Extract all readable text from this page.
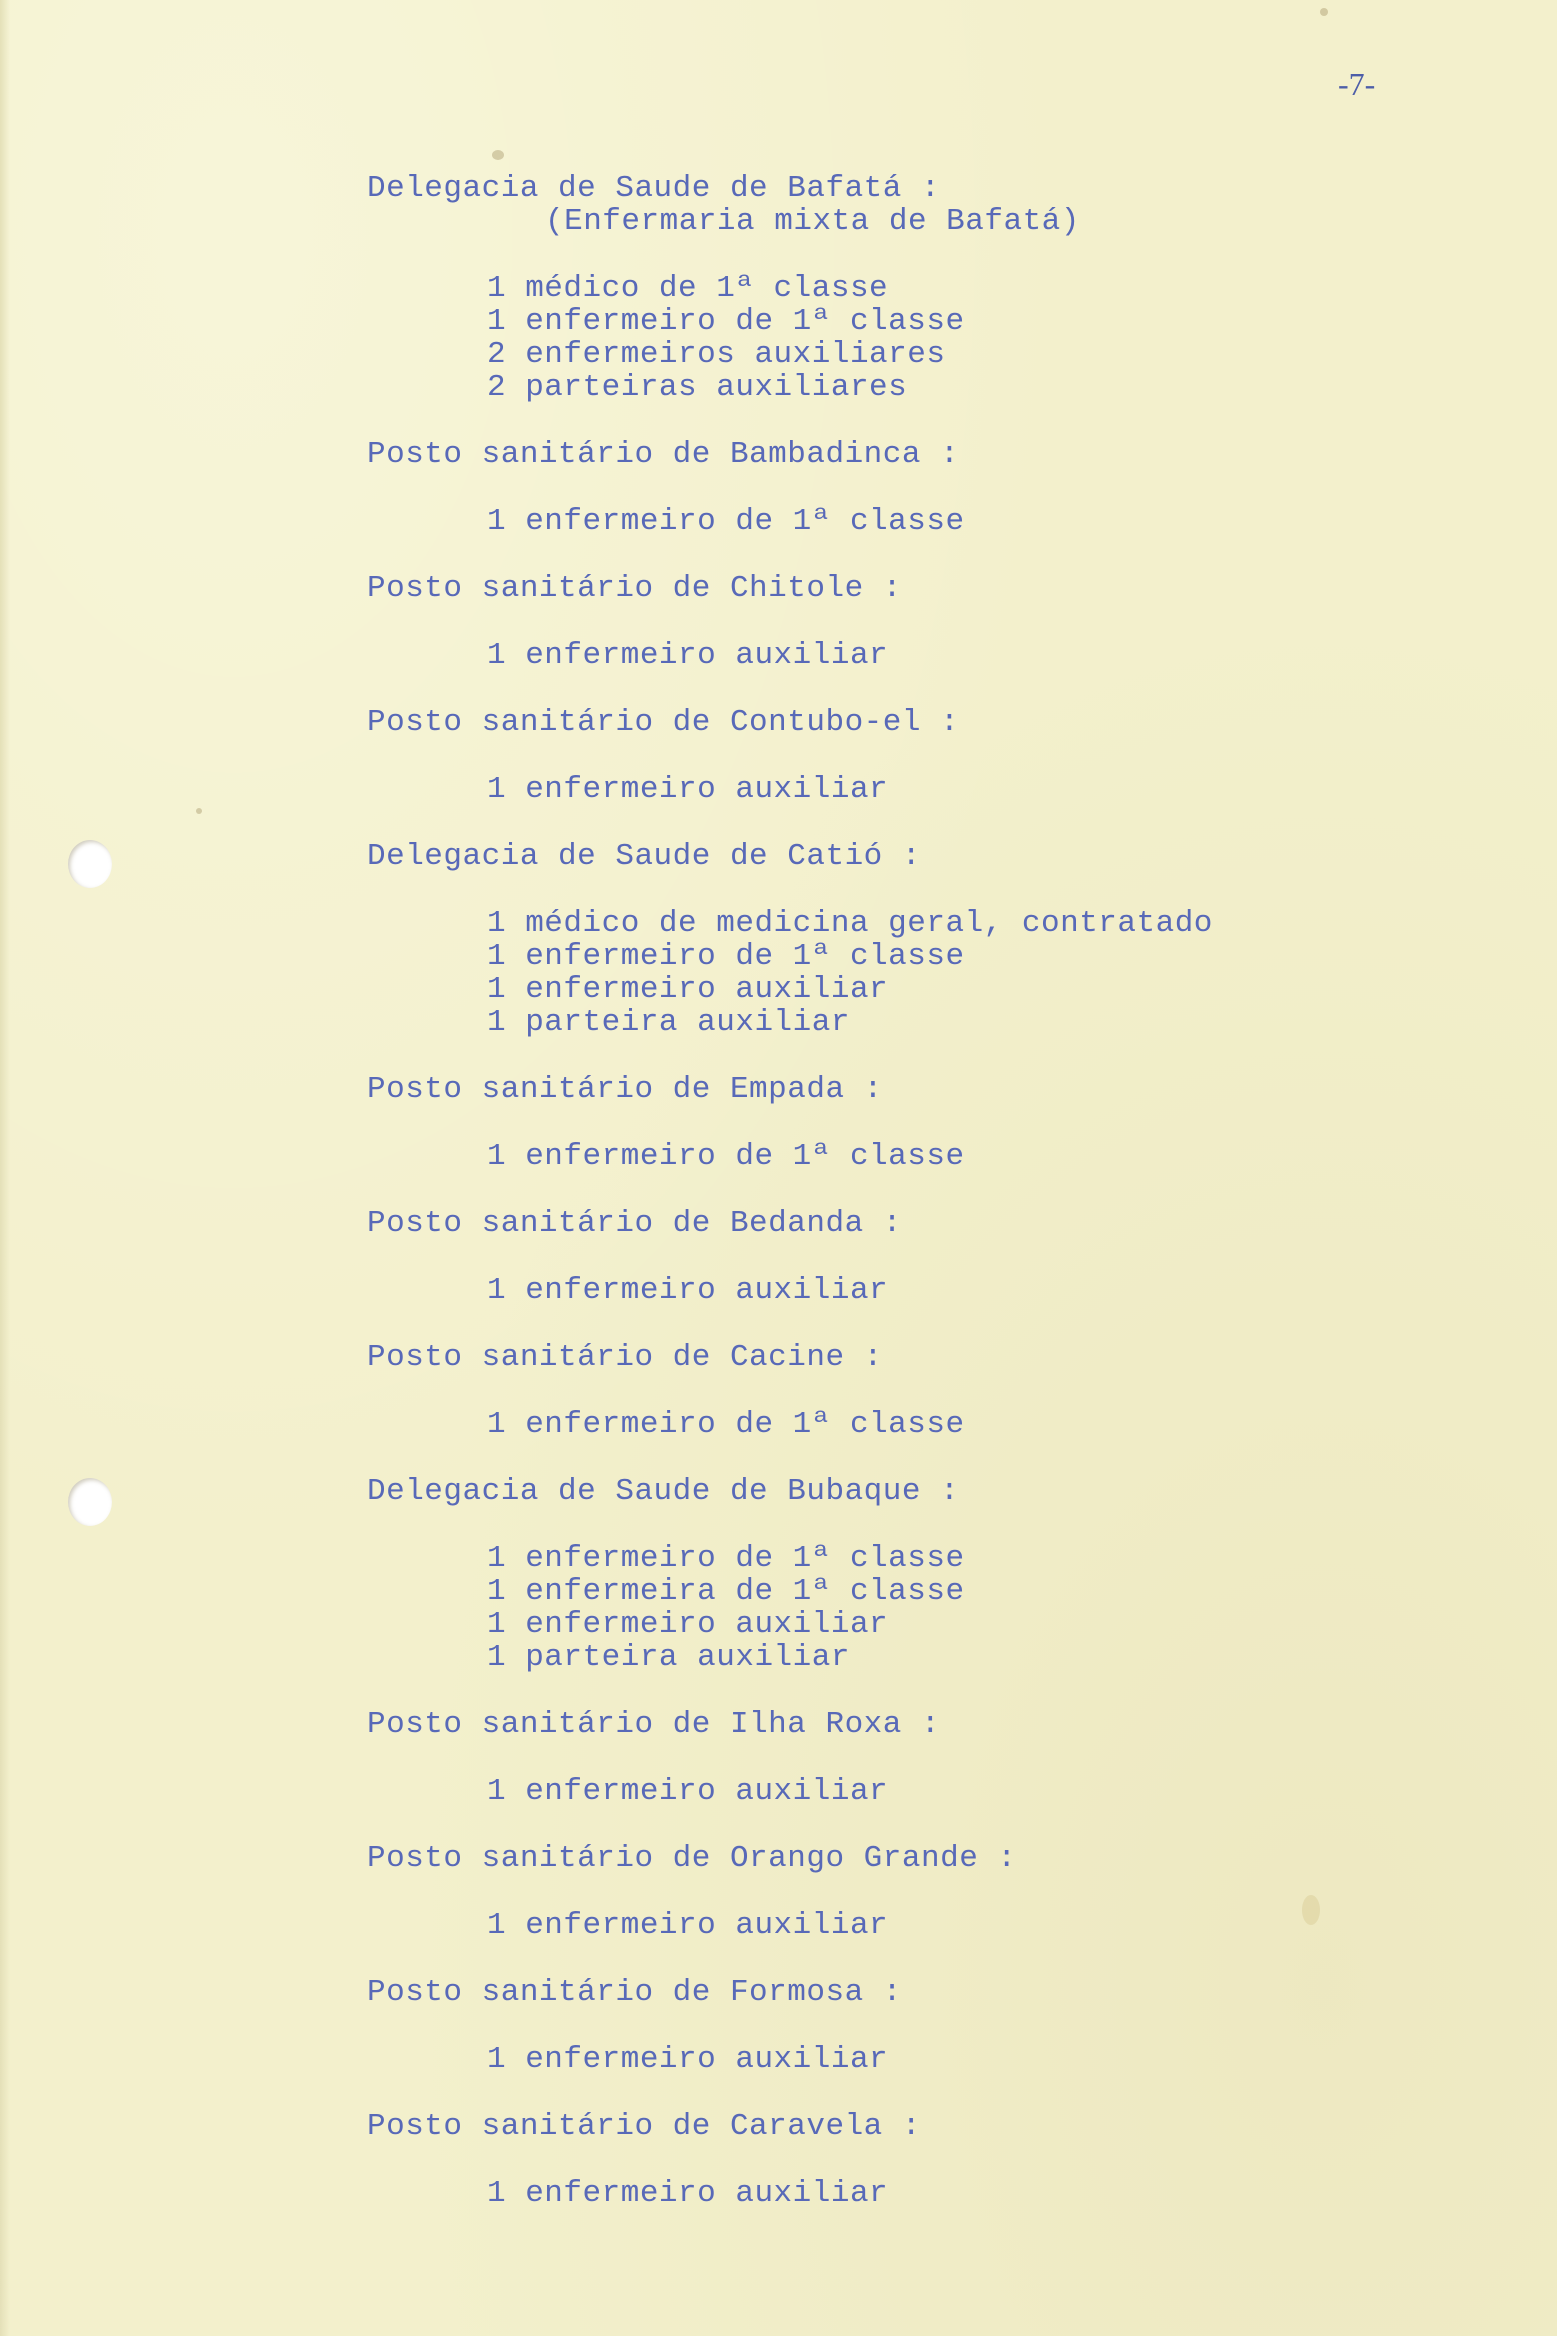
-7-

Delegacia de Saude de Bafatá :

(Enfermaria mixta de Bafatá)

1 médico de 1ª classe

1 enfermeiro de 1ª classe

2 enfermeiros auxiliares

2 parteiras auxiliares

Posto sanitário de Bambadinca :

1 enfermeiro de 1ª classe

Posto sanitário de Chitole :

1 enfermeiro auxiliar

Posto sanitário de Contubo-el :

1 enfermeiro auxiliar

Delegacia de Saude de Catió :

1 médico de medicina geral, contratado

1 enfermeiro de 1ª classe

1 enfermeiro auxiliar

1 parteira auxiliar

Posto sanitário de Empada :

1 enfermeiro de 1ª classe

Posto sanitário de Bedanda :

1 enfermeiro auxiliar

Posto sanitário de Cacine :

1 enfermeiro de 1ª classe

Delegacia de Saude de Bubaque :

1 enfermeiro de 1ª classe

1 enfermeira de 1ª classe

1 enfermeiro auxiliar

1 parteira auxiliar

Posto sanitário de Ilha Roxa :

1 enfermeiro auxiliar

Posto sanitário de Orango Grande :

1 enfermeiro auxiliar

Posto sanitário de Formosa :

1 enfermeiro auxiliar

Posto sanitário de Caravela :

1 enfermeiro auxiliar
